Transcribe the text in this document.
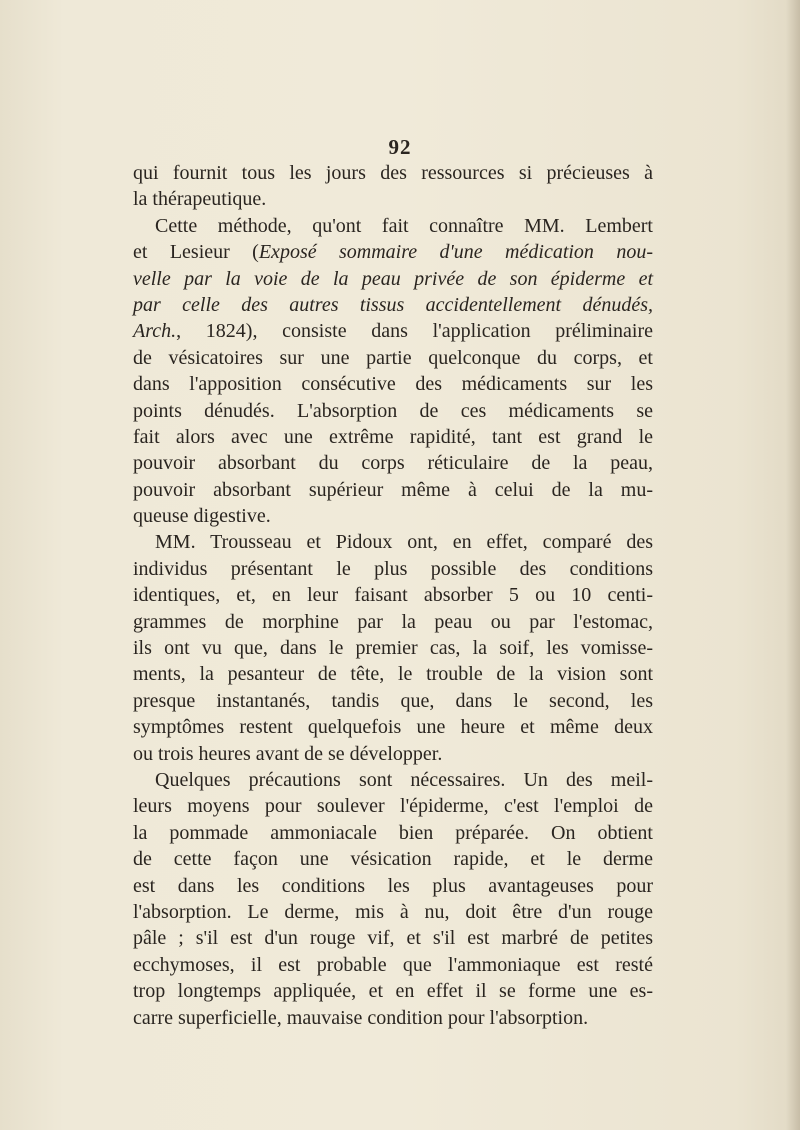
92
qui fournit tous les jours des ressources si précieuses à
la thérapeutique.
Cette méthode, qu'ont fait connaître MM. Lembert
et Lesieur (Exposé sommaire d'une médication nou-
velle par la voie de la peau privée de son épiderme et
par celle des autres tissus accidentellement dénudés,
Arch., 1824), consiste dans l'application préliminaire
de vésicatoires sur une partie quelconque du corps, et
dans l'apposition consécutive des médicaments sur les
points dénudés. L'absorption de ces médicaments se
fait alors avec une extrême rapidité, tant est grand le
pouvoir absorbant du corps réticulaire de la peau,
pouvoir absorbant supérieur même à celui de la mu-
queuse digestive.
MM. Trousseau et Pidoux ont, en effet, comparé des
individus présentant le plus possible des conditions
identiques, et, en leur faisant absorber 5 ou 10 centi-
grammes de morphine par la peau ou par l'estomac,
ils ont vu que, dans le premier cas, la soif, les vomisse-
ments, la pesanteur de tête, le trouble de la vision sont
presque instantanés, tandis que, dans le second, les
symptômes restent quelquefois une heure et même deux
ou trois heures avant de se développer.
Quelques précautions sont nécessaires. Un des meil-
leurs moyens pour soulever l'épiderme, c'est l'emploi de
la pommade ammoniacale bien préparée. On obtient
de cette façon une vésication rapide, et le derme
est dans les conditions les plus avantageuses pour
l'absorption. Le derme, mis à nu, doit être d'un rouge
pâle ; s'il est d'un rouge vif, et s'il est marbré de petites
ecchymoses, il est probable que l'ammoniaque est resté
trop longtemps appliquée, et en effet il se forme une es-
carre superficielle, mauvaise condition pour l'absorption.
